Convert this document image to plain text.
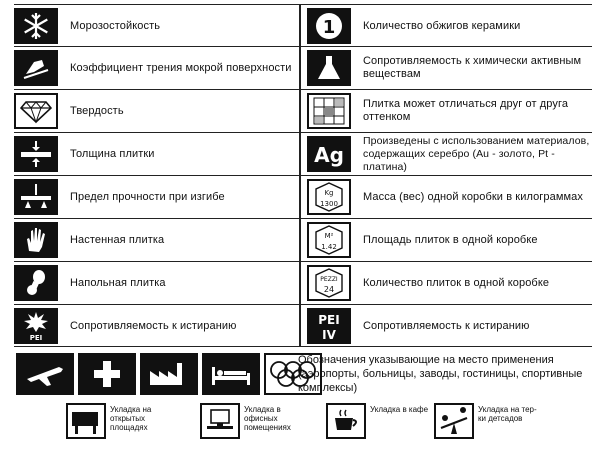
Морозостойкость
Коэффициент трения мокрой поверхности
Твердость
Толщина плитки
Предел прочности при изгибе
Настенная плитка
Напольная плитка
PEI
Сопротивляемость к истиранию
1	Количество обжигов керамики
Сопротивляемость к химически активным веществам
Плитка может отличаться друг от друга оттенком
Ag
Произведены с использованием материалов, содержащих серебро (Au - золото, Pt - платина)
Kg
1300
Масса (вес) одной коробки в килограммах
M²
1.42
Площадь плиток в одной коробке
PEZZI
24
Количество плиток в одной коробке
PEI
IV
Сопротивляемость к истиранию
Обозначения указывающие на место применения (аэропорты, больницы, заводы, гостиницы, спортивные комплексы)
Укладка на открытых площадях
Укладка в офисных помещениях
Укладка в кафе	Укладка на тер-ки детсадов
